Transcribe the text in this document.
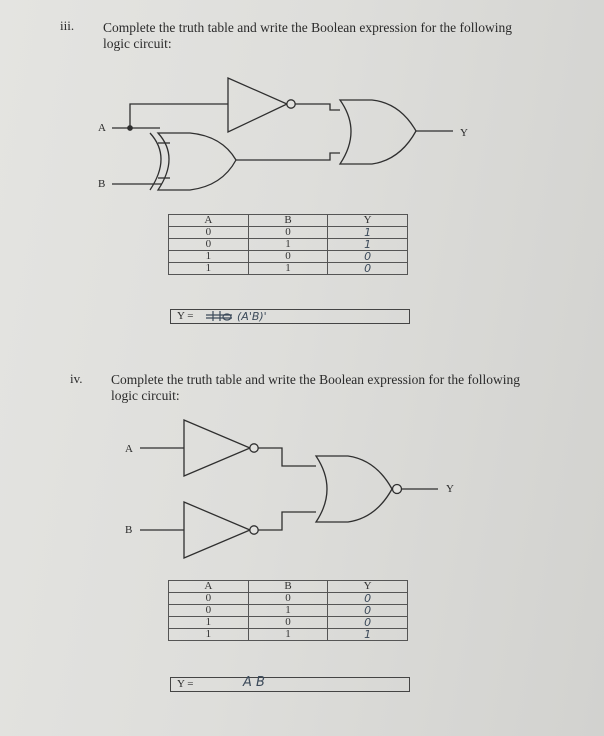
iii. Complete the truth table and write the Boolean expression for the following
logic circuit:
A
B
Y
A	B	Y
0	0	1
0	1	1
1	0	0
1	1	0
Y =	(A'B)'
iv. Complete the truth table and write the Boolean expression for the following
logic circuit:
A
B
Y
A	B	Y
0	0	0
0	1	0
1	0	0
1	1	1
Y =	A B
